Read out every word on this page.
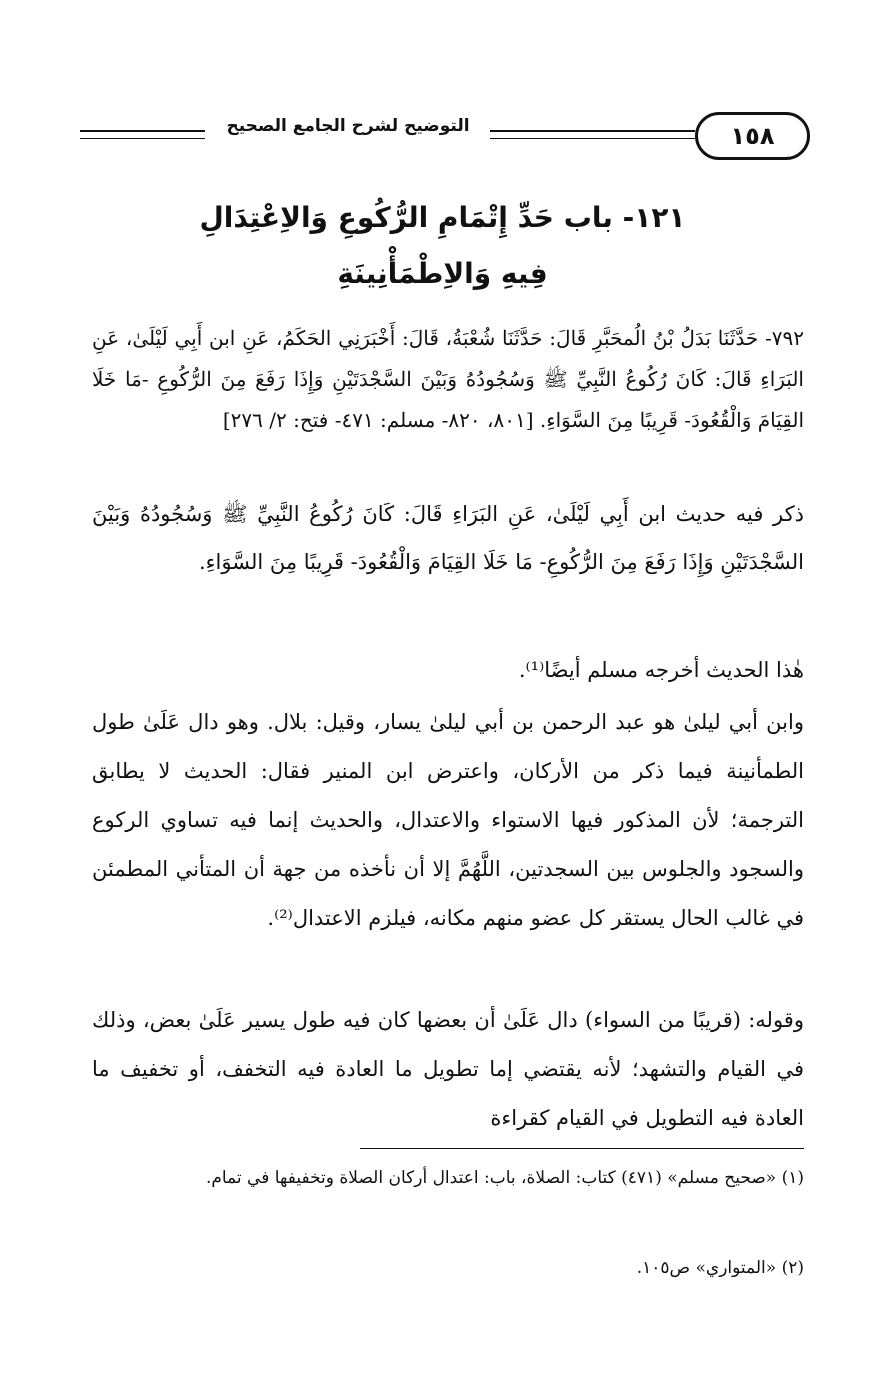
التوضيح لشرح الجامع الصحيح	١٥٨
١٢١- باب حَدِّ إِتْمَامِ الرُّكُوعِ وَالاِعْتِدَالِ
فِيهِ وَالاِطْمَأْنِينَةِ
٧٩٢- حَدَّثَنَا بَدَلُ بْنُ الُمحَبَّرِ قَالَ: حَدَّثَنَا شُعْبَةُ، قَالَ: أَخْبَرَنِي الحَكَمُ، عَنِ ابن أَبِي لَيْلَىٰ، عَنِ البَرَاءِ قَالَ: كَانَ رُكُوعُ النَّبِيِّ ﷺ وَسُجُودُهُ وَبَيْنَ السَّجْدَتَيْنِ وَإِذَا رَفَعَ مِنَ الرُّكُوعِ -مَا خَلَا القِيَامَ وَالْقُعُودَ- قَرِيبًا مِنَ السَّوَاءِ. [٨٠١، ٨٢٠- مسلم: ٤٧١- فتح: ٢/ ٢٧٦]
ذكر فيه حديث ابن أَبِي لَيْلَىٰ، عَنِ البَرَاءِ قَالَ: كَانَ رُكُوعُ النَّبِيِّ ﷺ وَسُجُودُهُ وَبَيْنَ السَّجْدَتَيْنِ وَإِذَا رَفَعَ مِنَ الرُّكُوعِ- مَا خَلَا القِيَامَ وَالْقُعُودَ- قَرِيبًا مِنَ السَّوَاءِ.
هٰذا الحديث أخرجه مسلم أيضًا⁽¹⁾.
وابن أبي ليلىٰ هو عبد الرحمن بن أبي ليلىٰ يسار، وقيل: بلال. وهو دال عَلَىٰ طول الطمأنينة فيما ذكر من الأركان، واعترض ابن المنير فقال: الحديث لا يطابق الترجمة؛ لأن المذكور فيها الاستواء والاعتدال، والحديث إنما فيه تساوي الركوع والسجود والجلوس بين السجدتين، اللَّهُمَّ إلا أن نأخذه من جهة أن المتأني المطمئن في غالب الحال يستقر كل عضو منهم مكانه، فيلزم الاعتدال⁽²⁾.
وقوله: (قريبًا من السواء) دال عَلَىٰ أن بعضها كان فيه طول يسير عَلَىٰ بعض، وذلك في القيام والتشهد؛ لأنه يقتضي إما تطويل ما العادة فيه التخفف، أو تخفيف ما العادة فيه التطويل في القيام كقراءة
(١) «صحيح مسلم» (٤٧١) كتاب: الصلاة، باب: اعتدال أركان الصلاة وتخفيفها في تمام.
(٢) «المتواري» ص١٠٥.
